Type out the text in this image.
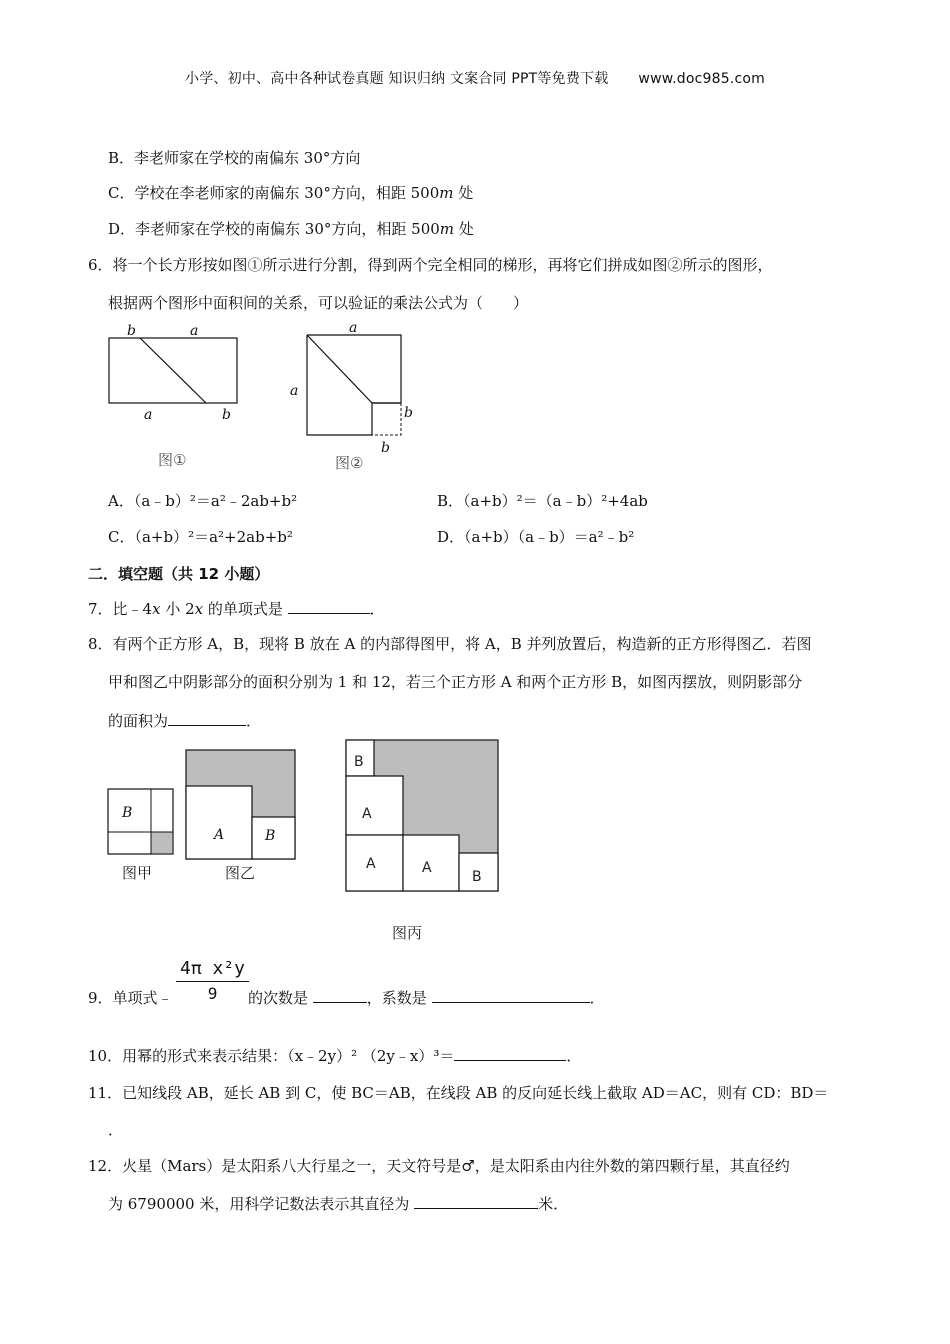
小学、初中、高中各种试卷真题 知识归纳 文案合同 PPT等免费下载 www.doc985.com
B．李老师家在学校的南偏东 30°方向
C．学校在李老师家的南偏东 30°方向，相距 500m 处
D．李老师家在学校的南偏东 30°方向，相距 500m 处
6．将一个长方形按如图①所示进行分割，得到两个完全相同的梯形，再将它们拼成如图②所示的图形，
根据两个图形中面积间的关系，可以验证的乘法公式为（　　）
b	a
a	b
图①
a
a
b
b
图②
A．（a﹣b）²＝a²﹣2ab+b²	B．（a+b）²＝（a﹣b）²+4ab
C．（a+b）²＝a²+2ab+b²	D．（a+b）（a﹣b）＝a²﹣b²
二．填空题（共 12 小题）
7．比﹣4x 小 2x 的单项式是	．
8．有两个正方形 A，B，现将 B 放在 A 的内部得图甲，将 A，B 并列放置后，构造新的正方形得图乙．若图
甲和图乙中阴影部分的面积分别为 1 和 12，若三个正方形 A 和两个正方形 B，如图丙摆放，则阴影部分
的面积为	．
B
图甲
A	B
图乙
B
A
A	A
B
图丙
9．单项式﹣ $\frac{\text{4π x²y}}{9}$
的次数是	，系数是	．
10．用幂的形式来表示结果：（x﹣2y）² （2y﹣x）³＝	．
11．已知线段 AB，延长 AB 到 C，使 BC＝AB，在线段 AB 的反向延长线上截取 AD＝AC，则有 CD：BD＝
．
12．火星（Mars）是太阳系八大行星之一，天文符号是♂，是太阳系由内往外数的第四颗行星，其直径约
为 6790000 米，用科学记数法表示其直径为	米．
